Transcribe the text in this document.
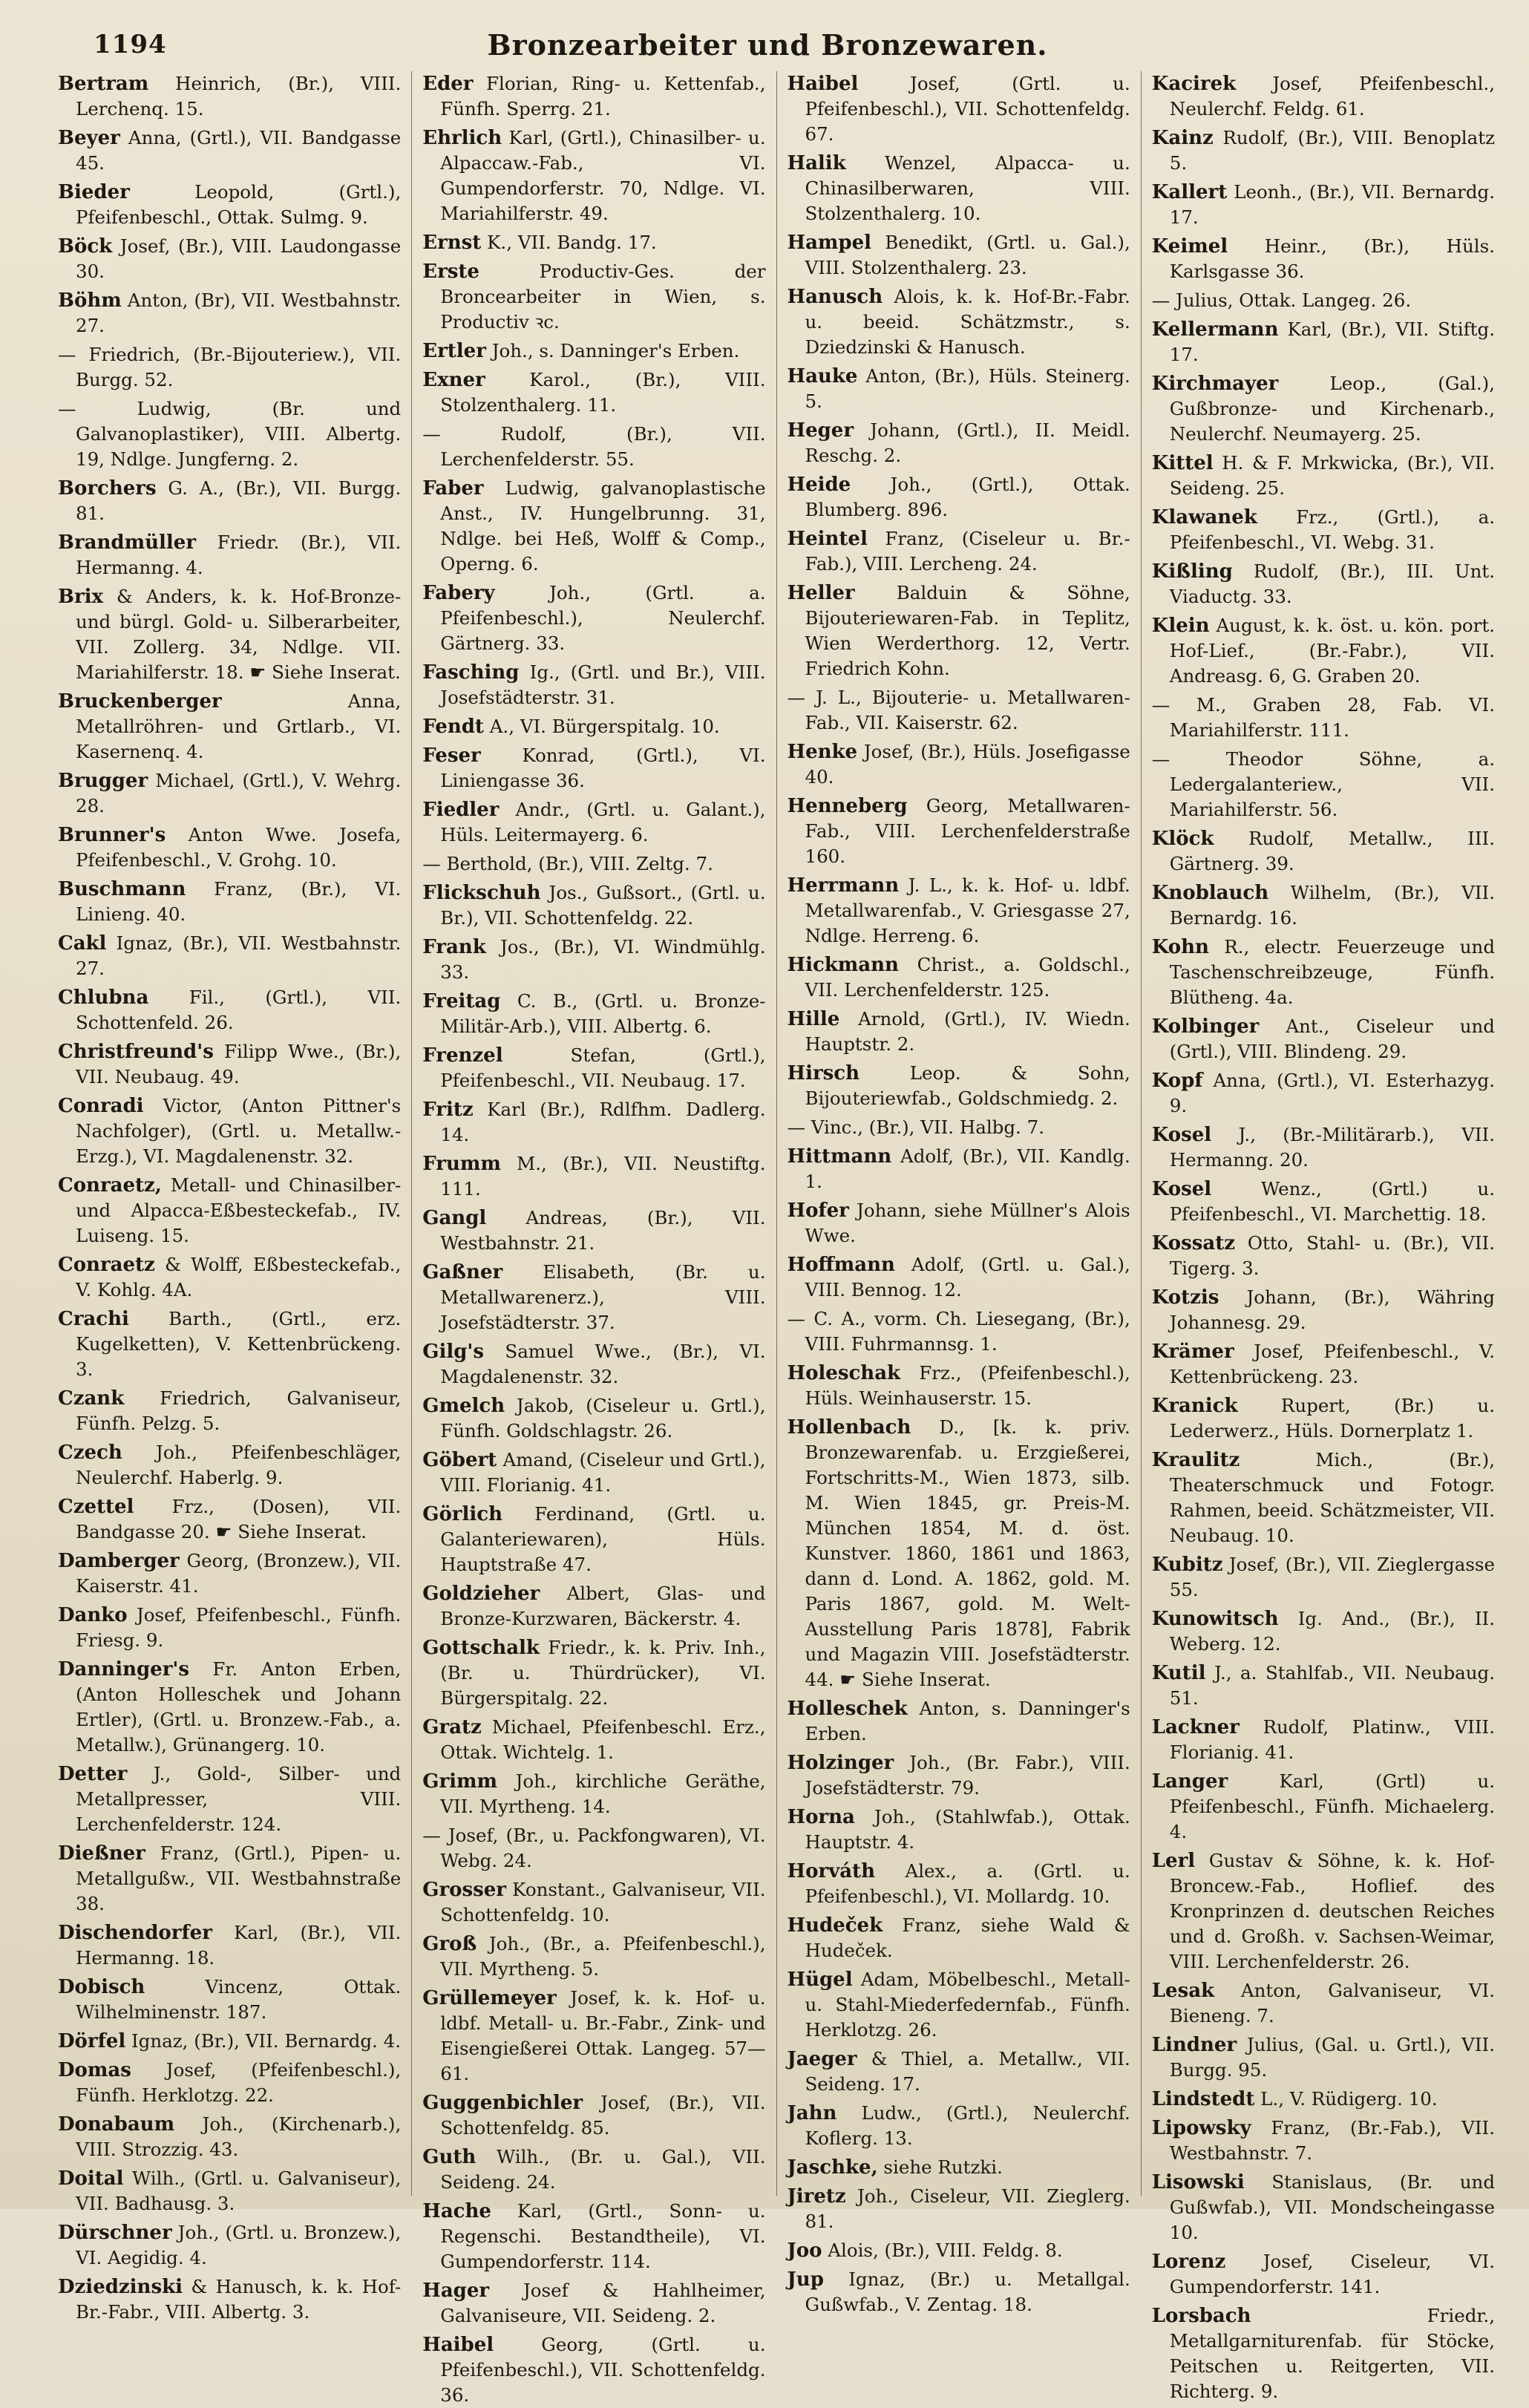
1194	Bronzearbeiter und Bronzewaren.
Bertram Heinrich, (Br.), VIII. Lerchenq. 15.
Beyer Anna, (Grtl.), VII. Bandgasse 45.
Bieder Leopold, (Grtl.), Pfeifenbeschl., Ottak. Sulmg. 9.
Böck Josef, (Br.), VIII. Laudongasse 30.
Böhm Anton, (Br), VII. Westbahnstr. 27.
— Friedrich, (Br.-Bijouteriew.), VII. Burgg. 52.
— Ludwig, (Br. und Galvanoplastiker), VIII. Albertg. 19, Ndlge. Jungferng. 2.
Borchers G. A., (Br.), VII. Burgg. 81.
Brandmüller Friedr. (Br.), VII. Hermanng. 4.
Brix & Anders, k. k. Hof-Bronze- und bürgl. Gold- u. Silberarbeiter, VII. Zollerg. 34, Ndlge. VII. Mariahilferstr. 18. ☛ Siehe Inserat.
Bruckenberger Anna, Metallröhren- und Grtlarb., VI. Kasernenq. 4.
Brugger Michael, (Grtl.), V. Wehrg. 28.
Brunner's Anton Wwe. Josefa, Pfeifenbeschl., V. Grohg. 10.
Buschmann Franz, (Br.), VI. Linieng. 40.
Cakl Ignaz, (Br.), VII. Westbahnstr. 27.
Chlubna Fil., (Grtl.), VII. Schottenfeld. 26.
Christfreund's Filipp Wwe., (Br.), VII. Neubaug. 49.
Conradi Victor, (Anton Pittner's Nachfolger), (Grtl. u. Metallw.-Erzg.), VI. Magdalenenstr. 32.
Conraetz, Metall- und Chinasilber- und Alpacca-Eßbesteckefab., IV. Luiseng. 15.
Conraetz & Wolff, Eßbesteckefab., V. Kohlg. 4A.
Crachi Barth., (Grtl., erz. Kugelketten), V. Kettenbrückeng. 3.
Czank Friedrich, Galvaniseur, Fünfh. Pelzg. 5.
Czech Joh., Pfeifenbeschläger, Neulerchf. Haberlg. 9.
Czettel Frz., (Dosen), VII. Bandgasse 20. ☛ Siehe Inserat.
Damberger Georg, (Bronzew.), VII. Kaiserstr. 41.
Danko Josef, Pfeifenbeschl., Fünfh. Friesg. 9.
Danninger's Fr. Anton Erben, (Anton Holleschek und Johann Ertler), (Grtl. u. Bronzew.-Fab., a. Metallw.), Grünangerg. 10.
Detter J., Gold-, Silber- und Metallpresser, VIII. Lerchenfelderstr. 124.
Dießner Franz, (Grtl.), Pipen- u. Metallgußw., VII. Westbahnstraße 38.
Dischendorfer Karl, (Br.), VII. Hermanng. 18.
Dobisch Vincenz, Ottak. Wilhelminenstr. 187.
Dörfel Ignaz, (Br.), VII. Bernardg. 4.
Domas Josef, (Pfeifenbeschl.), Fünfh. Herklotzg. 22.
Donabaum Joh., (Kirchenarb.), VIII. Strozzig. 43.
Doital Wilh., (Grtl. u. Galvaniseur), VII. Badhausg. 3.
Dürschner Joh., (Grtl. u. Bronzew.), VI. Aegidig. 4.
Dziedzinski & Hanusch, k. k. Hof-Br.-Fabr., VIII. Albertg. 3.
Eder Florian, Ring- u. Kettenfab., Fünfh. Sperrg. 21.
Ehrlich Karl, (Grtl.), Chinasilber- u. Alpaccaw.-Fab., VI. Gumpendorferstr. 70, Ndlge. VI. Mariahilferstr. 49.
Ernst K., VII. Bandg. 17.
Erste Productiv-Ges. der Broncearbeiter in Wien, s. Productiv ꝛc.
Ertler Joh., s. Danninger's Erben.
Exner Karol., (Br.), VIII. Stolzenthalerg. 11.
— Rudolf, (Br.), VII. Lerchenfelderstr. 55.
Faber Ludwig, galvanoplastische Anst., IV. Hungelbrunng. 31, Ndlge. bei Heß, Wolff & Comp., Operng. 6.
Fabery Joh., (Grtl. a. Pfeifenbeschl.), Neulerchf. Gärtnerg. 33.
Fasching Ig., (Grtl. und Br.), VIII. Josefstädterstr. 31.
Fendt A., VI. Bürgerspitalg. 10.
Feser Konrad, (Grtl.), VI. Liniengasse 36.
Fiedler Andr., (Grtl. u. Galant.), Hüls. Leitermayerg. 6.
— Berthold, (Br.), VIII. Zeltg. 7.
Flickschuh Jos., Gußsort., (Grtl. u. Br.), VII. Schottenfeldg. 22.
Frank Jos., (Br.), VI. Windmühlg. 33.
Freitag C. B., (Grtl. u. Bronze-Militär-Arb.), VIII. Albertg. 6.
Frenzel Stefan, (Grtl.), Pfeifenbeschl., VII. Neubaug. 17.
Fritz Karl (Br.), Rdlfhm. Dadlerg. 14.
Frumm M., (Br.), VII. Neustiftg. 111.
Gangl Andreas, (Br.), VII. Westbahnstr. 21.
Gaßner Elisabeth, (Br. u. Metallwarenerz.), VIII. Josefstädterstr. 37.
Gilg's Samuel Wwe., (Br.), VI. Magdalenenstr. 32.
Gmelch Jakob, (Ciseleur u. Grtl.), Fünfh. Goldschlagstr. 26.
Göbert Amand, (Ciseleur und Grtl.), VIII. Florianig. 41.
Görlich Ferdinand, (Grtl. u. Galanteriewaren), Hüls. Hauptstraße 47.
Goldzieher Albert, Glas- und Bronze-Kurzwaren, Bäckerstr. 4.
Gottschalk Friedr., k. k. Priv. Inh., (Br. u. Thürdrücker), VI. Bürgerspitalg. 22.
Gratz Michael, Pfeifenbeschl. Erz., Ottak. Wichtelg. 1.
Grimm Joh., kirchliche Geräthe, VII. Myrtheng. 14.
— Josef, (Br., u. Packfongwaren), VI. Webg. 24.
Grosser Konstant., Galvaniseur, VII. Schottenfeldg. 10.
Groß Joh., (Br., a. Pfeifenbeschl.), VII. Myrtheng. 5.
Grüllemeyer Josef, k. k. Hof- u. ldbf. Metall- u. Br.-Fabr., Zink- und Eisengießerei Ottak. Langeg. 57—61.
Guggenbichler Josef, (Br.), VII. Schottenfeldg. 85.
Guth Wilh., (Br. u. Gal.), VII. Seideng. 24.
Hache Karl, (Grtl., Sonn- u. Regenschi. Bestandtheile), VI. Gumpendorferstr. 114.
Hager Josef & Hahlheimer, Galvaniseure, VII. Seideng. 2.
Haibel Georg, (Grtl. u. Pfeifenbeschl.), VII. Schottenfeldg. 36.
Haibel Josef, (Grtl. u. Pfeifenbeschl.), VII. Schottenfeldg. 67.
Halik Wenzel, Alpacca- u. Chinasilberwaren, VIII. Stolzenthalerg. 10.
Hampel Benedikt, (Grtl. u. Gal.), VIII. Stolzenthalerg. 23.
Hanusch Alois, k. k. Hof-Br.-Fabr. u. beeid. Schätzmstr., s. Dziedzinski & Hanusch.
Hauke Anton, (Br.), Hüls. Steinerg. 5.
Heger Johann, (Grtl.), II. Meidl. Reschg. 2.
Heide Joh., (Grtl.), Ottak. Blumberg. 896.
Heintel Franz, (Ciseleur u. Br.-Fab.), VIII. Lercheng. 24.
Heller Balduin & Söhne, Bijouteriewaren-Fab. in Teplitz, Wien Werderthorg. 12, Vertr. Friedrich Kohn.
— J. L., Bijouterie- u. Metallwaren-Fab., VII. Kaiserstr. 62.
Henke Josef, (Br.), Hüls. Josefigasse 40.
Henneberg Georg, Metallwaren-Fab., VIII. Lerchenfelderstraße 160.
Herrmann J. L., k. k. Hof- u. ldbf. Metallwarenfab., V. Griesgasse 27, Ndlge. Herreng. 6.
Hickmann Christ., a. Goldschl., VII. Lerchenfelderstr. 125.
Hille Arnold, (Grtl.), IV. Wiedn. Hauptstr. 2.
Hirsch Leop. & Sohn, Bijouteriewfab., Goldschmiedg. 2.
— Vinc., (Br.), VII. Halbg. 7.
Hittmann Adolf, (Br.), VII. Kandlg. 1.
Hofer Johann, siehe Müllner's Alois Wwe.
Hoffmann Adolf, (Grtl. u. Gal.), VIII. Bennog. 12.
— C. A., vorm. Ch. Liesegang, (Br.), VIII. Fuhrmannsg. 1.
Holeschak Frz., (Pfeifenbeschl.), Hüls. Weinhauserstr. 15.
Hollenbach D., [k. k. priv. Bronzewarenfab. u. Erzgießerei, Fortschritts-M., Wien 1873, silb. M. Wien 1845, gr. Preis-M. München 1854, M. d. öst. Kunstver. 1860, 1861 und 1863, dann d. Lond. A. 1862, gold. M. Paris 1867, gold. M. Welt-Ausstellung Paris 1878], Fabrik und Magazin VIII. Josefstädterstr. 44. ☛ Siehe Inserat.
Holleschek Anton, s. Danninger's Erben.
Holzinger Joh., (Br. Fabr.), VIII. Josefstädterstr. 79.
Horna Joh., (Stahlwfab.), Ottak. Hauptstr. 4.
Horváth Alex., a. (Grtl. u. Pfeifenbeschl.), VI. Mollardg. 10.
Hudeček Franz, siehe Wald & Hudeček.
Hügel Adam, Möbelbeschl., Metall- u. Stahl-Miederfedernfab., Fünfh. Herklotzg. 26.
Jaeger & Thiel, a. Metallw., VII. Seideng. 17.
Jahn Ludw., (Grtl.), Neulerchf. Koflerg. 13.
Jaschke, siehe Rutzki.
Jiretz Joh., Ciseleur, VII. Zieglerg. 81.
Joo Alois, (Br.), VIII. Feldg. 8.
Jup Ignaz, (Br.) u. Metallgal. Gußwfab., V. Zentag. 18.
Kacirek Josef, Pfeifenbeschl., Neulerchf. Feldg. 61.
Kainz Rudolf, (Br.), VIII. Benoplatz 5.
Kallert Leonh., (Br.), VII. Bernardg. 17.
Keimel Heinr., (Br.), Hüls. Karlsgasse 36.
— Julius, Ottak. Langeg. 26.
Kellermann Karl, (Br.), VII. Stiftg. 17.
Kirchmayer Leop., (Gal.), Gußbronze- und Kirchenarb., Neulerchf. Neumayerg. 25.
Kittel H. & F. Mrkwicka, (Br.), VII. Seideng. 25.
Klawanek Frz., (Grtl.), a. Pfeifenbeschl., VI. Webg. 31.
Kißling Rudolf, (Br.), III. Unt. Viaductg. 33.
Klein August, k. k. öst. u. kön. port. Hof-Lief., (Br.-Fabr.), VII. Andreasg. 6, G. Graben 20.
— M., Graben 28, Fab. VI. Mariahilferstr. 111.
— Theodor Söhne, a. Ledergalanteriew., VII. Mariahilferstr. 56.
Klöck Rudolf, Metallw., III. Gärtnerg. 39.
Knoblauch Wilhelm, (Br.), VII. Bernardg. 16.
Kohn R., electr. Feuerzeuge und Taschenschreibzeuge, Fünfh. Blütheng. 4a.
Kolbinger Ant., Ciseleur und (Grtl.), VIII. Blindeng. 29.
Kopf Anna, (Grtl.), VI. Esterhazyg. 9.
Kosel J., (Br.-Militärarb.), VII. Hermanng. 20.
Kosel Wenz., (Grtl.) u. Pfeifenbeschl., VI. Marchettig. 18.
Kossatz Otto, Stahl- u. (Br.), VII. Tigerg. 3.
Kotzis Johann, (Br.), Währing Johannesg. 29.
Krämer Josef, Pfeifenbeschl., V. Kettenbrückeng. 23.
Kranick Rupert, (Br.) u. Lederwerz., Hüls. Dornerplatz 1.
Kraulitz Mich., (Br.), Theaterschmuck und Fotogr. Rahmen, beeid. Schätzmeister, VII. Neubaug. 10.
Kubitz Josef, (Br.), VII. Zieglergasse 55.
Kunowitsch Ig. And., (Br.), II. Weberg. 12.
Kutil J., a. Stahlfab., VII. Neubaug. 51.
Lackner Rudolf, Platinw., VIII. Florianig. 41.
Langer Karl, (Grtl) u. Pfeifenbeschl., Fünfh. Michaelerg. 4.
Lerl Gustav & Söhne, k. k. Hof-Broncew.-Fab., Hoflief. des Kronprinzen d. deutschen Reiches und d. Großh. v. Sachsen-Weimar, VIII. Lerchenfelderstr. 26.
Lesak Anton, Galvaniseur, VI. Bieneng. 7.
Lindner Julius, (Gal. u. Grtl.), VII. Burgg. 95.
Lindstedt L., V. Rüdigerg. 10.
Lipowsky Franz, (Br.-Fab.), VII. Westbahnstr. 7.
Lisowski Stanislaus, (Br. und Gußwfab.), VII. Mondscheingasse 10.
Lorenz Josef, Ciseleur, VI. Gumpendorferstr. 141.
Lorsbach Friedr., Metallgarniturenfab. für Stöcke, Peitschen u. Reitgerten, VII. Richterg. 9.
